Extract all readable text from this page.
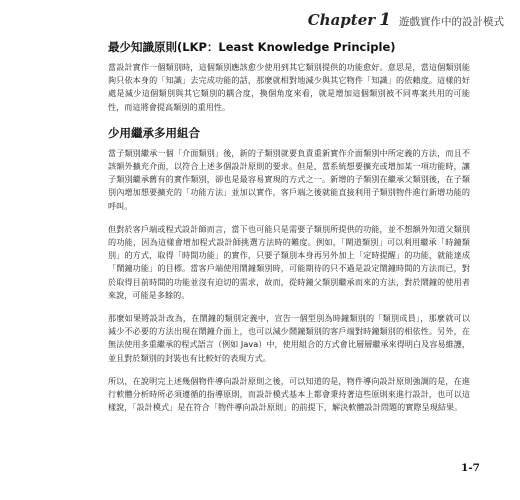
Chapter 1 遊戲實作中的設計模式
最少知識原則(LKP：Least Knowledge Principle)

當設計實作一個類別時，這個類別應該愈少使用到其它類別提供的功能愈好。意思是，當這個類別能夠只依本身的「知識」去完成功能的話，那麼就相對地減少與其它物件「知識」的依賴度。這樣的好處是減少這個類別與其它類別的耦合度，換個角度來看，就是增加這個類別被不同專案共用的可能性，而這將會提高類別的重用性。

少用繼承多用組合

當子類別繼承一個「介面類別」後，新的子類別就要負責重新實作介面類別中所定義的方法，而且不該額外擴充介面，以符合上述多個設計原則的要求。但是，當系統想要擴充或增加某一項功能時，讓子類別繼承舊有的實作類別，卻也是最容易實現的方式之一。新增的子類別在繼承父類別後，在子類別內增加想要擴充的「功能方法」並加以實作，客戶端之後就能直接利用子類別物件進行新增功能的呼叫。

但對於客戶端或程式設計師而言，當下也可能只是需要子類別所提供的功能，並不想額外知道父類別的功能，因為這樣會增加程式設計師挑選方法時的難度。例如，「閘道類別」可以利用繼承「時鐘類別」的方式，取得「時間功能」的實作，只要子類別本身再另外加上「定時提醒」的功能，就能達成「鬧鐘功能」的目標。當客戶端使用鬧鐘類別時，可能期待的只不過是設定鬧鐘時間的方法而已，對於取得目前時間的功能並沒有迫切的需求，故而，從時鐘父類別繼承而來的方法，對於鬧鐘的使用者來說，可能是多餘的。

那麼如果將設計改為，在鬧鐘的類別定義中，宣告一個型別為時鐘類別的「類別成員」，那麼就可以減少不必要的方法出現在鬧鐘介面上，也可以減少鬧鐘類別的客戶端對時鐘類別的相依性。另外，在無法使用多重繼承的程式語言（例如 Java）中，使用組合的方式會比層層繼承來得明白及容易維護，並且對於類別的封裝也有比較好的表現方式。

所以，在說明完上述幾個物件導向設計原則之後，可以知道的是，物件導向設計原則強調的是，在進行軟體分析時所必須遵循的指導原則，而設計模式基本上都會秉持著這些原則來進行設計，也可以這樣說，「設計模式」是在符合「物件導向設計原則」的前提下，解決軟體設計問題的實際呈現結果。

1-7
